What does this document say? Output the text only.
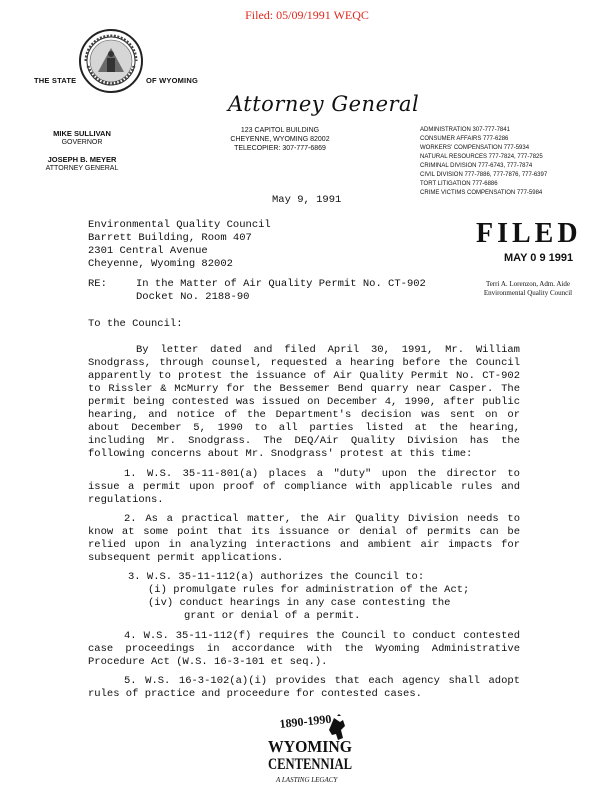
Filed: 05/09/1991 WEQC
THE STATE	OF WYOMING
Attorney General
123 CAPITOL BUILDING
CHEYENNE, WYOMING 82002
TELECOPIER: 307-777-6869
MIKE SULLIVAN
GOVERNOR
JOSEPH B. MEYER
ATTORNEY GENERAL
ADMINISTRATION 307-777-7841
CONSUMER AFFAIRS 777-6286
WORKERS' COMPENSATION 777-5934
NATURAL RESOURCES 777-7824, 777-7825
CRIMINAL DIVISION 777-6743, 777-7874
CIVIL DIVISION 777-7886, 777-7876, 777-6397
TORT LITIGATION 777-6886
CRIME VICTIMS COMPENSATION 777-5984
May 9, 1991
Environmental Quality Council
Barrett Building, Room 407
2301 Central Avenue
Cheyenne, Wyoming 82002
FILED
MAY 0 9 1991
Terri A. Lorenzon, Adm. Aide
Environmental Quality Council
RE:	In the Matter of Air Quality Permit No. CT-902
Docket No. 2188-90
To the Council:
By letter dated and filed April 30, 1991, Mr. William Snodgrass, through counsel, requested a hearing before the Council apparently to protest the issuance of Air Quality Permit No. CT-902 to Rissler & McMurry for the Bessemer Bend quarry near Casper. The permit being contested was issued on December 4, 1990, after public hearing, and notice of the Department's decision was sent on or about December 5, 1990 to all parties listed at the hearing, including Mr. Snodgrass. The DEQ/Air Quality Division has the following concerns about Mr. Snodgrass' protest at this time:
1. W.S. 35-11-801(a) places a "duty" upon the director to issue a permit upon proof of compliance with applicable rules and regulations.
2. As a practical matter, the Air Quality Division needs to know at some point that its issuance or denial of permits can be relied upon in analyzing interactions and ambient air impacts for subsequent permit applications.
3. W.S. 35-11-112(a) authorizes the Council to:
(i) promulgate rules for administration of the Act;
(iv) conduct hearings in any case contesting the
grant or denial of a permit.
4. W.S. 35-11-112(f) requires the Council to conduct contested case proceedings in accordance with the Wyoming Administrative Procedure Act (W.S. 16-3-101 et seq.).
5. W.S. 16-3-102(a)(i) provides that each agency shall adopt rules of practice and proceedure for contested cases.
1890-1990
WYOMING
CENTENNIAL
A LASTING LEGACY
